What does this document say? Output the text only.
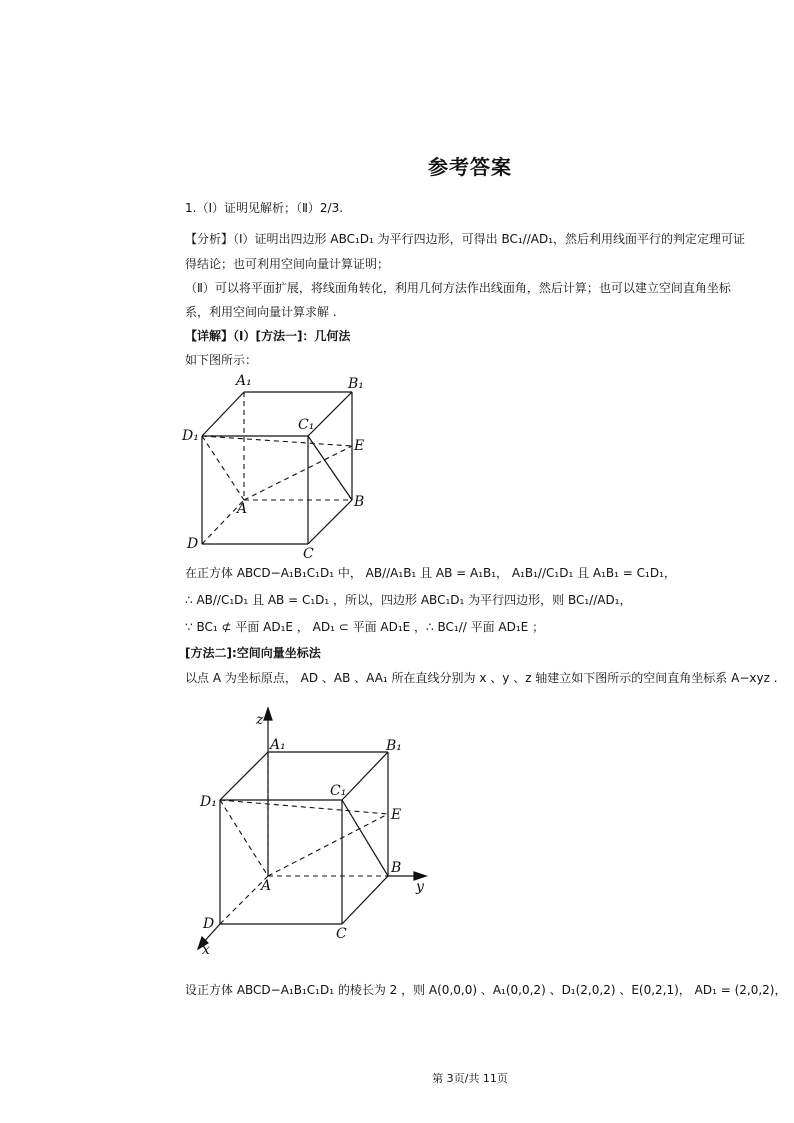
参考答案
1.（Ⅰ）证明见解析；（Ⅱ）2/3.
【分析】（Ⅰ）证明出四边形 ABC₁D₁ 为平行四边形，可得出 BC₁//AD₁，然后利用线面平行的判定定理可证
得结论；也可利用空间向量计算证明；
（Ⅱ）可以将平面扩展，将线面角转化，利用几何方法作出线面角，然后计算；也可以建立空间直角坐标
系，利用空间向量计算求解 .
【详解】（Ⅰ）[方法一]：几何法
如下图所示：
A₁	B₁
C₁
D₁
E
A	B
C
D
在正方体 ABCD−A₁B₁C₁D₁ 中， AB//A₁B₁ 且 AB = A₁B₁， A₁B₁//C₁D₁ 且 A₁B₁ = C₁D₁，
∴ AB//C₁D₁ 且 AB = C₁D₁ ，所以，四边形 ABC₁D₁ 为平行四边形，则 BC₁//AD₁，
∵ BC₁ ⊄ 平面 AD₁E ， AD₁ ⊂ 平面 AD₁E ，∴ BC₁// 平面 AD₁E ；
[方法二]:空间向量坐标法
以点 A 为坐标原点， AD 、AB 、AA₁ 所在直线分别为 x 、y 、z 轴建立如下图所示的空间直角坐标系 A−xyz .
z
A₁	B₁
C₁
D₁
E
A
B
y
D
C
x
设正方体 ABCD−A₁B₁C₁D₁ 的棱长为 2 ，则 A(0,0,0) 、A₁(0,0,2) 、D₁(2,0,2) 、E(0,2,1)， AD₁ = (2,0,2)，
第 3页/共 11页
